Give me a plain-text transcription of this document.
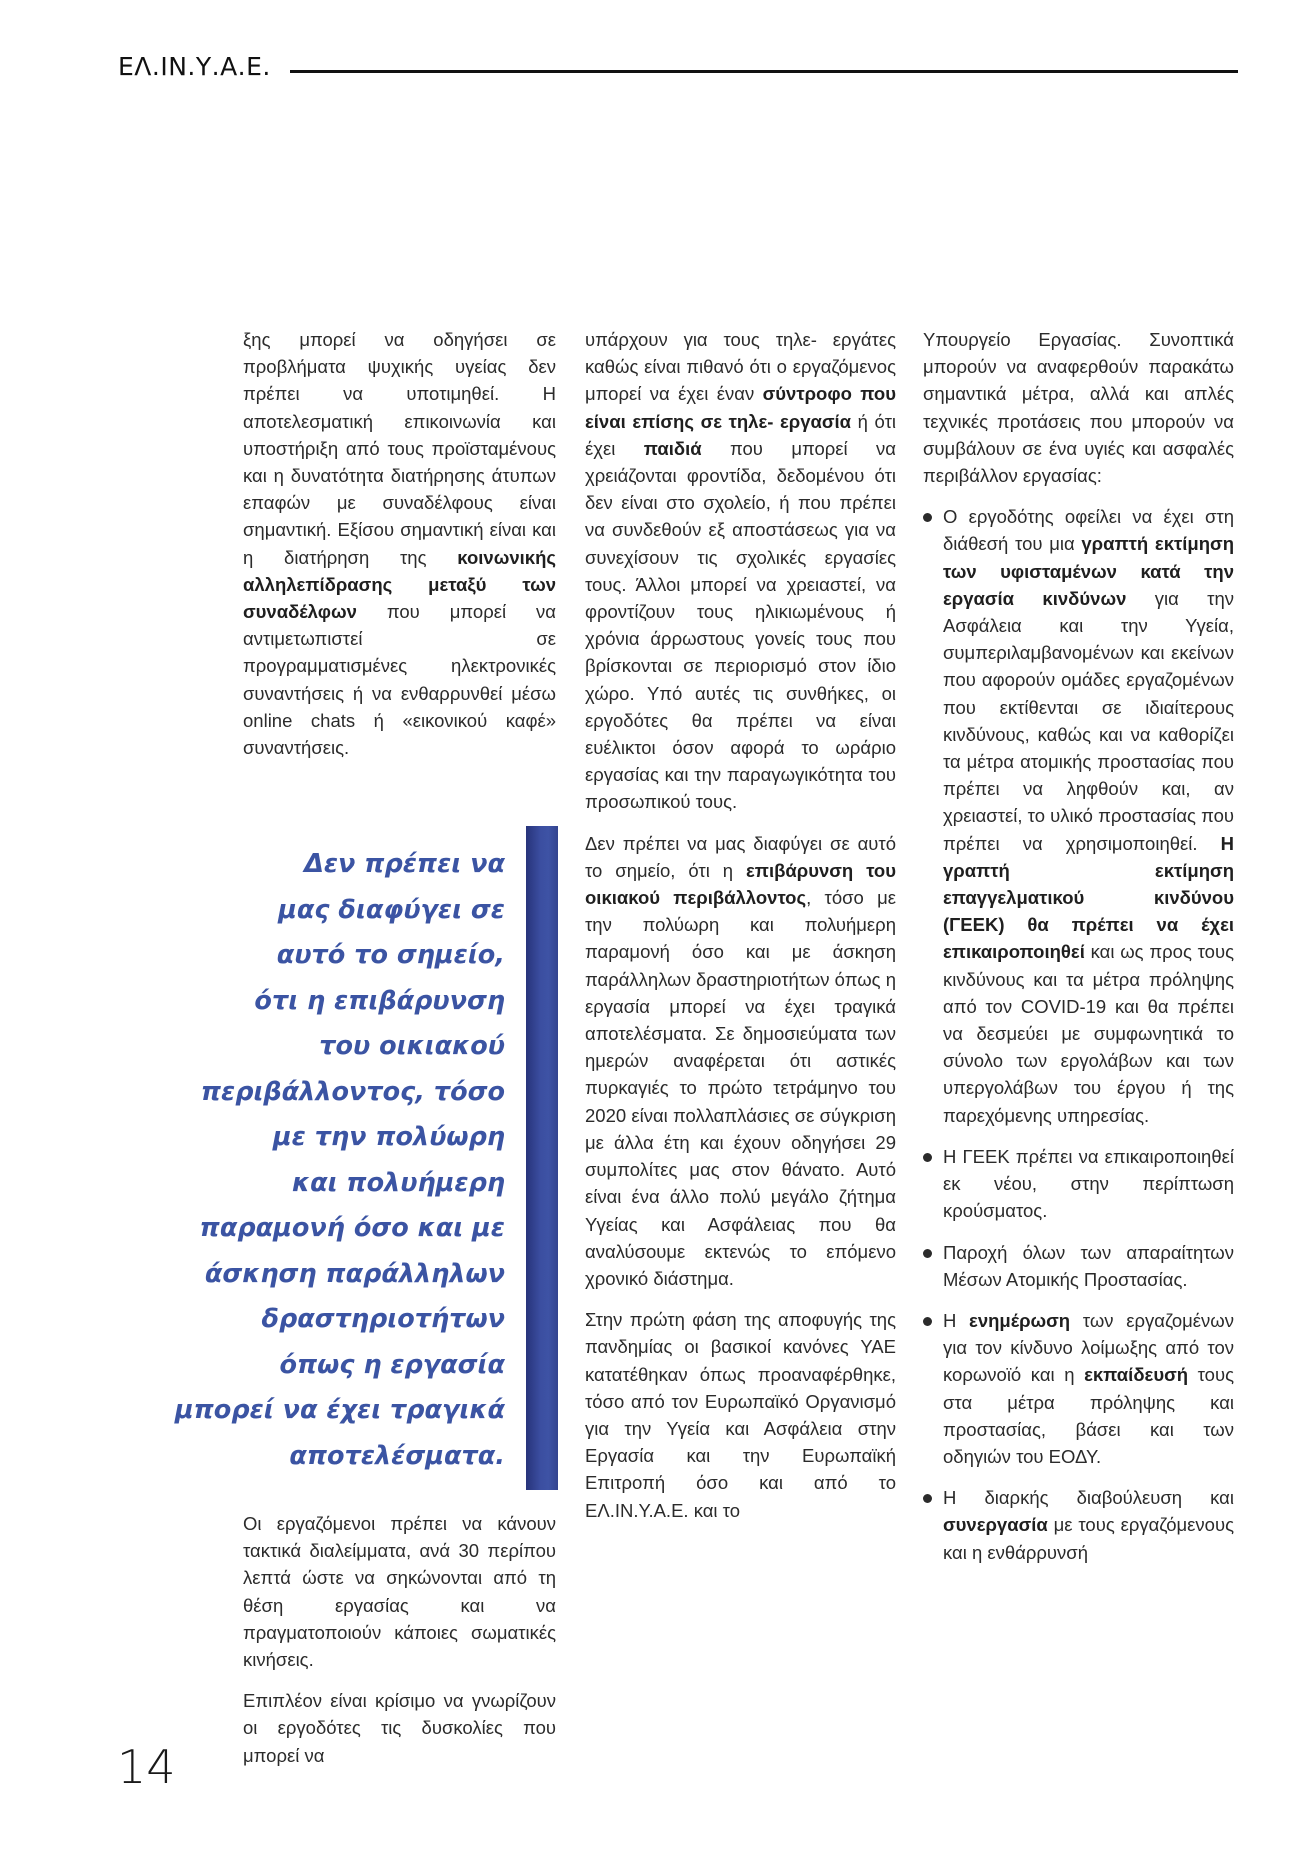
ΕΛ.ΙΝ.Υ.Α.Ε.

ξης μπορεί να οδηγήσει σε προβλήματα ψυχικής υγείας δεν πρέπει να υποτιμηθεί. Η αποτελεσματική επικοινωνία και υποστήριξη από τους προϊσταμένους και η δυνατότητα διατήρησης άτυπων επαφών με συναδέλφους είναι σημαντική. Εξίσου σημαντική είναι και η διατήρηση της κοινωνικής αλληλεπίδρασης μεταξύ των συναδέλφων που μπορεί να αντιμετωπιστεί σε προγραμματισμένες ηλεκτρονικές συναντήσεις ή να ενθαρρυνθεί μέσω online chats ή «εικονικού καφέ» συναντήσεις.

Δεν πρέπει να
μας διαφύγει σε
αυτό το σημείο,
ότι η επιβάρυνση
του οικιακού
περιβάλλοντος, τόσο
με την πολύωρη
και πολυήμερη
παραμονή όσο και με
άσκηση παράλληλων
δραστηριοτήτων
όπως η εργασία
μπορεί να έχει τραγικά
αποτελέσματα.

Οι εργαζόμενοι πρέπει να κάνουν τακτικά διαλείμματα, ανά 30 περίπου λεπτά ώστε να σηκώνονται από τη θέση εργασίας και να πραγματοποιούν κάποιες σωματικές κινήσεις.

Επιπλέον είναι κρίσιμο να γνωρίζουν οι εργοδότες τις δυσκολίες που μπορεί να

υπάρχουν για τους τηλε- εργάτες καθώς είναι πιθανό ότι ο εργαζόμενος μπορεί να έχει έναν σύντροφο που είναι επίσης σε τηλε- εργασία ή ότι έχει παιδιά που μπορεί να χρειάζονται φροντίδα, δεδομένου ότι δεν είναι στο σχολείο, ή που πρέπει να συνδεθούν εξ αποστάσεως για να συνεχίσουν τις σχολικές εργασίες τους. Άλλοι μπορεί να χρειαστεί, να φροντίζουν τους ηλικιωμένους ή χρόνια άρρωστους γονείς τους που βρίσκονται σε περιορισμό στον ίδιο χώρο. Υπό αυτές τις συνθήκες, οι εργοδότες θα πρέπει να είναι ευέλικτοι όσον αφορά το ωράριο εργασίας και την παραγωγικότητα του προσωπικού τους.

Δεν πρέπει να μας διαφύγει σε αυτό το σημείο, ότι η επιβάρυνση του οικιακού περιβάλλοντος, τόσο με την πολύωρη και πολυήμερη παραμονή όσο και με άσκηση παράλληλων δραστηριοτήτων όπως η εργασία μπορεί να έχει τραγικά αποτελέσματα. Σε δημοσιεύματα των ημερών αναφέρεται ότι αστικές πυρκαγιές το πρώτο τετράμηνο του 2020 είναι πολλαπλάσιες σε σύγκριση με άλλα έτη και έχουν οδηγήσει 29 συμπολίτες μας στον θάνατο. Αυτό είναι ένα άλλο πολύ μεγάλο ζήτημα Υγείας και Ασφάλειας που θα αναλύσουμε εκτενώς το επόμενο χρονικό διάστημα.

Στην πρώτη φάση της αποφυγής της πανδημίας οι βασικοί κανόνες ΥΑΕ κατατέθηκαν όπως προαναφέρθηκε, τόσο από τον Ευρωπαϊκό Οργανισμό για την Υγεία και Ασφάλεια στην Εργασία και την Ευρωπαϊκή Επιτροπή όσο και από το ΕΛ.ΙΝ.Υ.Α.Ε. και το

Υπουργείο Εργασίας. Συνοπτικά μπορούν να αναφερθούν παρακάτω σημαντικά μέτρα, αλλά και απλές τεχνικές προτάσεις που μπορούν να συμβάλουν σε ένα υγιές και ασφαλές περιβάλλον εργασίας:

Ο εργοδότης οφείλει να έχει στη διάθεσή του μια γραπτή εκτίμηση των υφισταμένων κατά την εργασία κινδύνων για την Ασφάλεια και την Υγεία, συμπεριλαμβανομένων και εκείνων που αφορούν ομάδες εργαζομένων που εκτίθενται σε ιδιαίτερους κινδύνους, καθώς και να καθορίζει τα μέτρα ατομικής προστασίας που πρέπει να ληφθούν και, αν χρειαστεί, το υλικό προστασίας που πρέπει να χρησιμοποιηθεί. Η γραπτή εκτίμηση επαγγελματικού κινδύνου (ΓΕΕΚ) θα πρέπει να έχει επικαιροποιηθεί και ως προς τους κινδύνους και τα μέτρα πρόληψης από τον COVID-19 και θα πρέπει να δεσμεύει με συμφωνητικά το σύνολο των εργολάβων και των υπεργολάβων του έργου ή της παρεχόμενης υπηρεσίας.
Η ΓΕΕΚ πρέπει να επικαιροποιηθεί εκ νέου, στην περίπτωση κρούσματος.
Παροχή όλων των απαραίτητων Μέσων Ατομικής Προστασίας.
Η ενημέρωση των εργαζομένων για τον κίνδυνο λοίμωξης από τον κορωνοϊό και η εκπαίδευσή τους στα μέτρα πρόληψης και προστασίας, βάσει και των οδηγιών του ΕΟΔΥ.
Η διαρκής διαβούλευση και συνεργασία με τους εργαζόμενους και η ενθάρρυνσή
14
